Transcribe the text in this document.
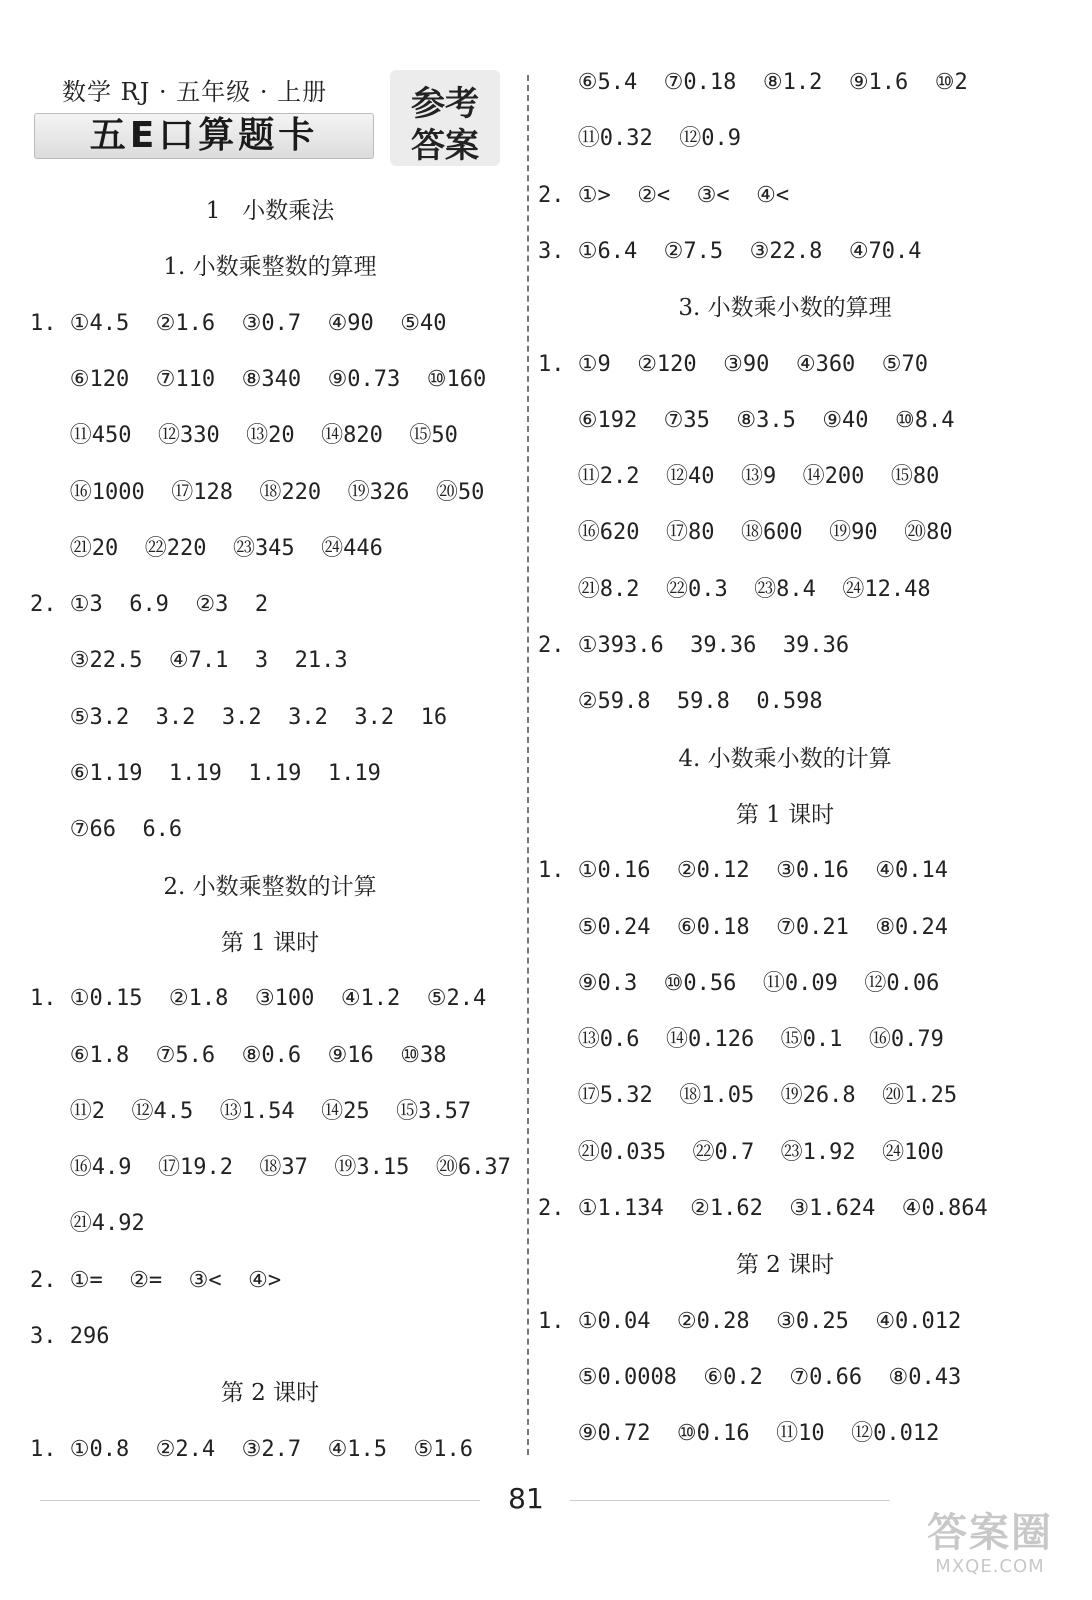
数学 RJ · 五年级 · 上册
五E口算题卡
参考
答案
1   小数乘法
1. 小数乘整数的算理
1. ①4.5  ②1.6  ③0.7  ④90  ⑤40
⑥120  ⑦110  ⑧340  ⑨0.73  ⑩160
⑪450  ⑫330  ⑬20  ⑭820  ⑮50
⑯1000  ⑰128  ⑱220  ⑲326  ⑳50
㉑20  ㉒220  ㉓345  ㉔446
2. ①3  6.9  ②3  2
③22.5  ④7.1  3  21.3
⑤3.2  3.2  3.2  3.2  3.2  16
⑥1.19  1.19  1.19  1.19
⑦66  6.6
2. 小数乘整数的计算
第 1 课时
1. ①0.15  ②1.8  ③100  ④1.2  ⑤2.4
⑥1.8  ⑦5.6  ⑧0.6  ⑨16  ⑩38
⑪2  ⑫4.5  ⑬1.54  ⑭25  ⑮3.57
⑯4.9  ⑰19.2  ⑱37  ⑲3.15  ⑳6.37
㉑4.92
2. ①=  ②=  ③<  ④>
3. 296
第 2 课时
1. ①0.8  ②2.4  ③2.7  ④1.5  ⑤1.6
⑥5.4  ⑦0.18  ⑧1.2  ⑨1.6  ⑩2
⑪0.32  ⑫0.9
2. ①>  ②<  ③<  ④<
3. ①6.4  ②7.5  ③22.8  ④70.4
3. 小数乘小数的算理
1. ①9  ②120  ③90  ④360  ⑤70
⑥192  ⑦35  ⑧3.5  ⑨40  ⑩8.4
⑪2.2  ⑫40  ⑬9  ⑭200  ⑮80
⑯620  ⑰80  ⑱600  ⑲90  ⑳80
㉑8.2  ㉒0.3  ㉓8.4  ㉔12.48
2. ①393.6  39.36  39.36
②59.8  59.8  0.598
4. 小数乘小数的计算
第 1 课时
1. ①0.16  ②0.12  ③0.16  ④0.14
⑤0.24  ⑥0.18  ⑦0.21  ⑧0.24
⑨0.3  ⑩0.56  ⑪0.09  ⑫0.06
⑬0.6  ⑭0.126  ⑮0.1  ⑯0.79
⑰5.32  ⑱1.05  ⑲26.8  ⑳1.25
㉑0.035  ㉒0.7  ㉓1.92  ㉔100
2. ①1.134  ②1.62  ③1.624  ④0.864
第 2 课时
1. ①0.04  ②0.28  ③0.25  ④0.012
⑤0.0008  ⑥0.2  ⑦0.66  ⑧0.43
⑨0.72  ⑩0.16  ⑪10  ⑫0.012
81
答案圈
MXQE.COM
